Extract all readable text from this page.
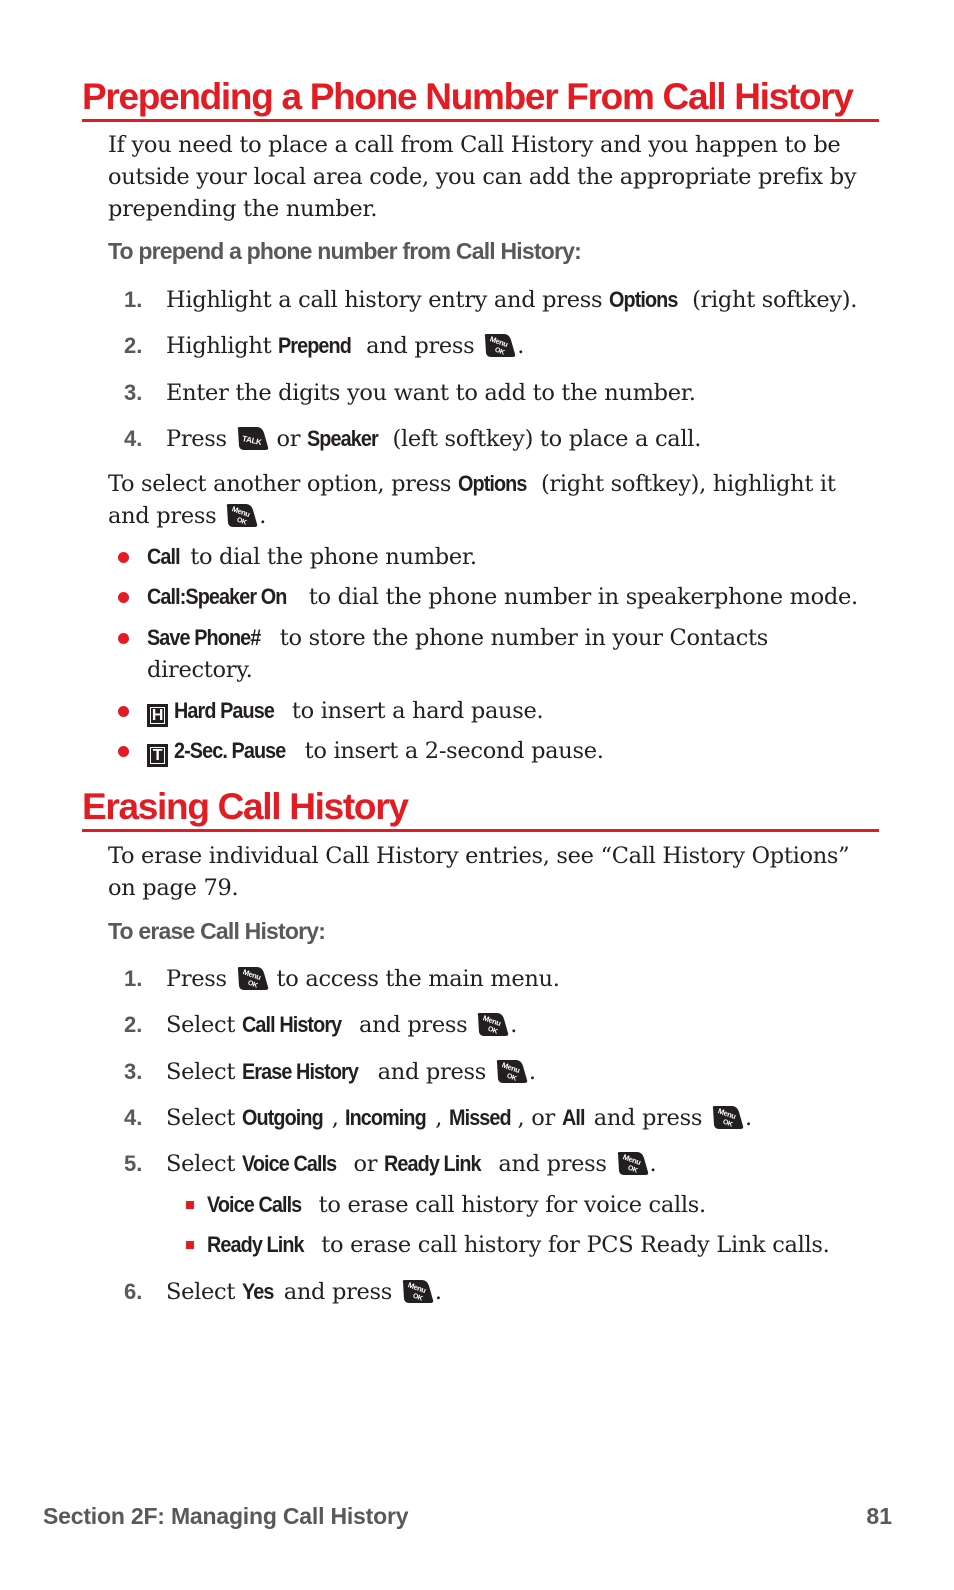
Prepending a Phone Number From Call History
If you need to place a call from Call History and you happen to be outside your local area code, you can add the appropriate prefix by prepending the number.
To prepend a phone number from Call History:
1.	Highlight a call history entry and press Options (right softkey).
2.	Highlight Prepend and press
.
3.	Enter the digits you want to add to the number.
4.	Press TALK or Speaker (left softkey) to place a call.
To select another option, press Options (right softkey), highlight it and press
.
Call to dial the phone number.
Call:Speaker On to dial the phone number in speakerphone mode.
Save Phone# to store the phone number in your Contacts directory.
H Hard Pause to insert a hard pause.
T 2-Sec. Pause to insert a 2-second pause.
Erasing Call History
To erase individual Call History entries, see “Call History Options” on page 79.
To erase Call History:
1.	Press
to access the main menu.
2.	Select Call History and press
.
3.	Select Erase History and press
.
4.	Select Outgoing , Incoming , Missed , or All and press
.
5.	Select Voice Calls or Ready Link and press
.
Voice Calls to erase call history for voice calls.
Ready Link to erase call history for PCS Ready Link calls.
6.	Select Yes and press
.
Section 2F: Managing Call History	81
